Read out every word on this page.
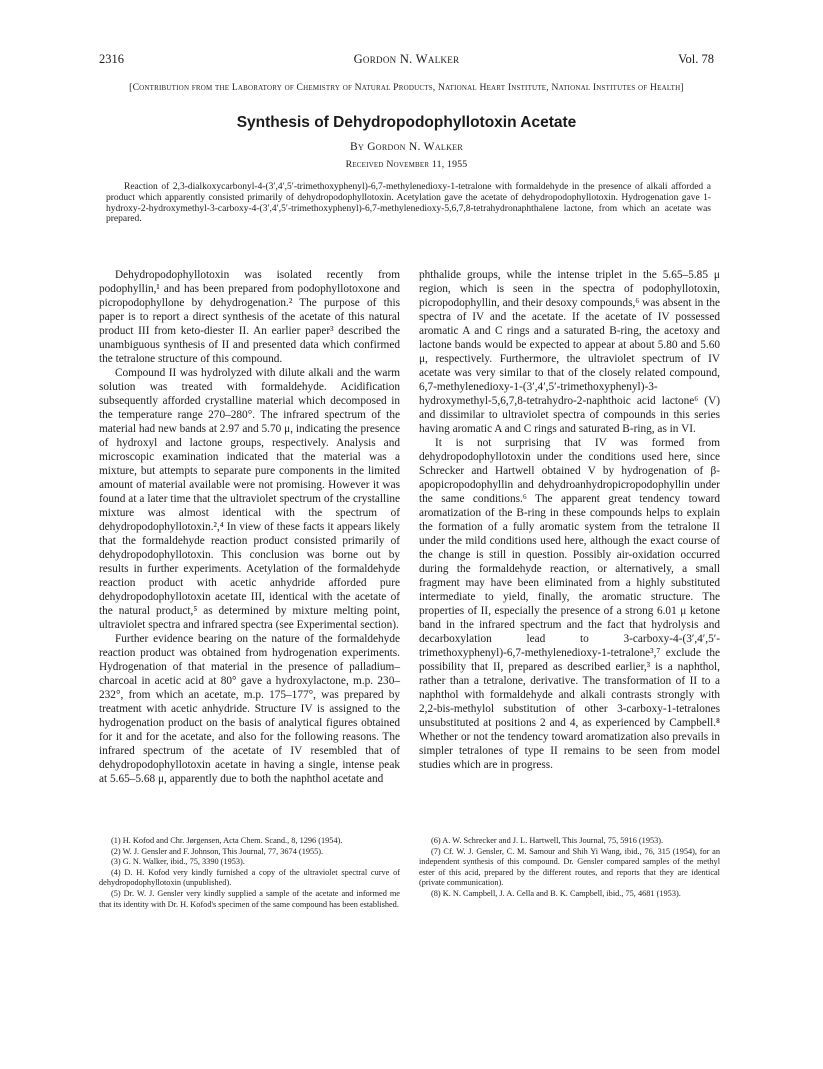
2316	Gordon N. Walker	Vol. 78
[Contribution from the Laboratory of Chemistry of Natural Products, National Heart Institute, National Institutes of Health]
Synthesis of Dehydropodophyllotoxin Acetate
By Gordon N. Walker
Received November 11, 1955
Reaction of 2,3-dialkoxycarbonyl-4-(3′,4′,5′-trimethoxyphenyl)-6,7-methylenedioxy-1-tetralone with formaldehyde in the presence of alkali afforded a product which apparently consisted primarily of dehydropodophyllotoxin. Acetylation gave the acetate of dehydropodophyllotoxin. Hydrogenation gave 1-hydroxy-2-hydroxymethyl-3-carboxy-4-(3′,4′,5′-trimethoxyphenyl)-6,7-methylenedioxy-5,6,7,8-tetrahydronaphthalene lactone, from which an acetate was prepared.

Dehydropodophyllotoxin was isolated recently from podophyllin,¹ and has been prepared from podophyllotoxone and picropodophyllone by dehydrogenation.² The purpose of this paper is to report a direct synthesis of the acetate of this natural product III from keto-diester II. An earlier paper³ described the unambiguous synthesis of II and presented data which confirmed the tetralone structure of this compound.

Compound II was hydrolyzed with dilute alkali and the warm solution was treated with formaldehyde. Acidification subsequently afforded crystalline material which decomposed in the temperature range 270–280°. The infrared spectrum of the material had new bands at 2.97 and 5.70 μ, indicating the presence of hydroxyl and lactone groups, respectively. Analysis and microscopic examination indicated that the material was a mixture, but attempts to separate pure components in the limited amount of material available were not promising. However it was found at a later time that the ultraviolet spectrum of the crystalline mixture was almost identical with the spectrum of dehydropodophyllotoxin.²,⁴ In view of these facts it appears likely that the formaldehyde reaction product consisted primarily of dehydropodophyllotoxin. This conclusion was borne out by results in further experiments. Acetylation of the formaldehyde reaction product with acetic anhydride afforded pure dehydropodophyllotoxin acetate III, identical with the acetate of the natural product,⁵ as determined by mixture melting point, ultraviolet spectra and infrared spectra (see Experimental section).

Further evidence bearing on the nature of the formaldehyde reaction product was obtained from hydrogenation experiments. Hydrogenation of that material in the presence of palladium–charcoal in acetic acid at 80° gave a hydroxylactone, m.p. 230–232°, from which an acetate, m.p. 175–177°, was prepared by treatment with acetic anhydride. Structure IV is assigned to the hydrogenation product on the basis of analytical figures obtained for it and for the acetate, and also for the following reasons. The infrared spectrum of the acetate of IV resembled that of dehydropodophyllotoxin acetate in having a single, intense peak at 5.65–5.68 μ, apparently due to both the naphthol acetate and

phthalide groups, while the intense triplet in the 5.65–5.85 μ region, which is seen in the spectra of podophyllotoxin, picropodophyllin, and their desoxy compounds,⁶ was absent in the spectra of IV and the acetate. If the acetate of IV possessed aromatic A and C rings and a saturated B-ring, the acetoxy and lactone bands would be expected to appear at about 5.80 and 5.60 μ, respectively. Furthermore, the ultraviolet spectrum of IV acetate was very similar to that of the closely related compound, 6,7-methylenedioxy-1-(3′,4′,5′-trimethoxyphenyl)-3-hydroxymethyl-5,6,7,8-tetrahydro-2-naphthoic acid lactone⁶ (V) and dissimilar to ultraviolet spectra of compounds in this series having aromatic A and C rings and saturated B-ring, as in VI.

It is not surprising that IV was formed from dehydropodophyllotoxin under the conditions used here, since Schrecker and Hartwell obtained V by hydrogenation of β-apopicropodophyllin and dehydroanhydropicropodophyllin under the same conditions.⁶ The apparent great tendency toward aromatization of the B-ring in these compounds helps to explain the formation of a fully aromatic system from the tetralone II under the mild conditions used here, although the exact course of the change is still in question. Possibly air-oxidation occurred during the formaldehyde reaction, or alternatively, a small fragment may have been eliminated from a highly substituted intermediate to yield, finally, the aromatic structure. The properties of II, especially the presence of a strong 6.01 μ ketone band in the infrared spectrum and the fact that hydrolysis and decarboxylation lead to 3-carboxy-4-(3′,4′,5′-trimethoxyphenyl)-6,7-methylenedioxy-1-tetralone³,⁷ exclude the possibility that II, prepared as described earlier,³ is a naphthol, rather than a tetralone, derivative. The transformation of II to a naphthol with formaldehyde and alkali contrasts strongly with 2,2-bis-methylol substitution of other 3-carboxy-1-tetralones unsubstituted at positions 2 and 4, as experienced by Campbell.⁸ Whether or not the tendency toward aromatization also prevails in simpler tetralones of type II remains to be seen from model studies which are in progress.

(1) H. Kofod and Chr. Jørgensen, Acta Chem. Scand., 8, 1296 (1954).

(2) W. J. Gensler and F. Johnson, This Journal, 77, 3674 (1955).

(3) G. N. Walker, ibid., 75, 3390 (1953).

(4) D. H. Kofod very kindly furnished a copy of the ultraviolet spectral curve of dehydropodophyllotoxin (unpublished).

(5) Dr. W. J. Gensler very kindly supplied a sample of the acetate and informed me that its identity with Dr. H. Kofod's specimen of the same compound has been established.

(6) A. W. Schrecker and J. L. Hartwell, This Journal, 75, 5916 (1953).

(7) Cf. W. J. Gensler, C. M. Samour and Shih Yi Wang, ibid., 76, 315 (1954), for an independent synthesis of this compound. Dr. Gensler compared samples of the methyl ester of this acid, prepared by the different routes, and reports that they are identical (private communication).

(8) K. N. Campbell, J. A. Cella and B. K. Campbell, ibid., 75, 4681 (1953).
